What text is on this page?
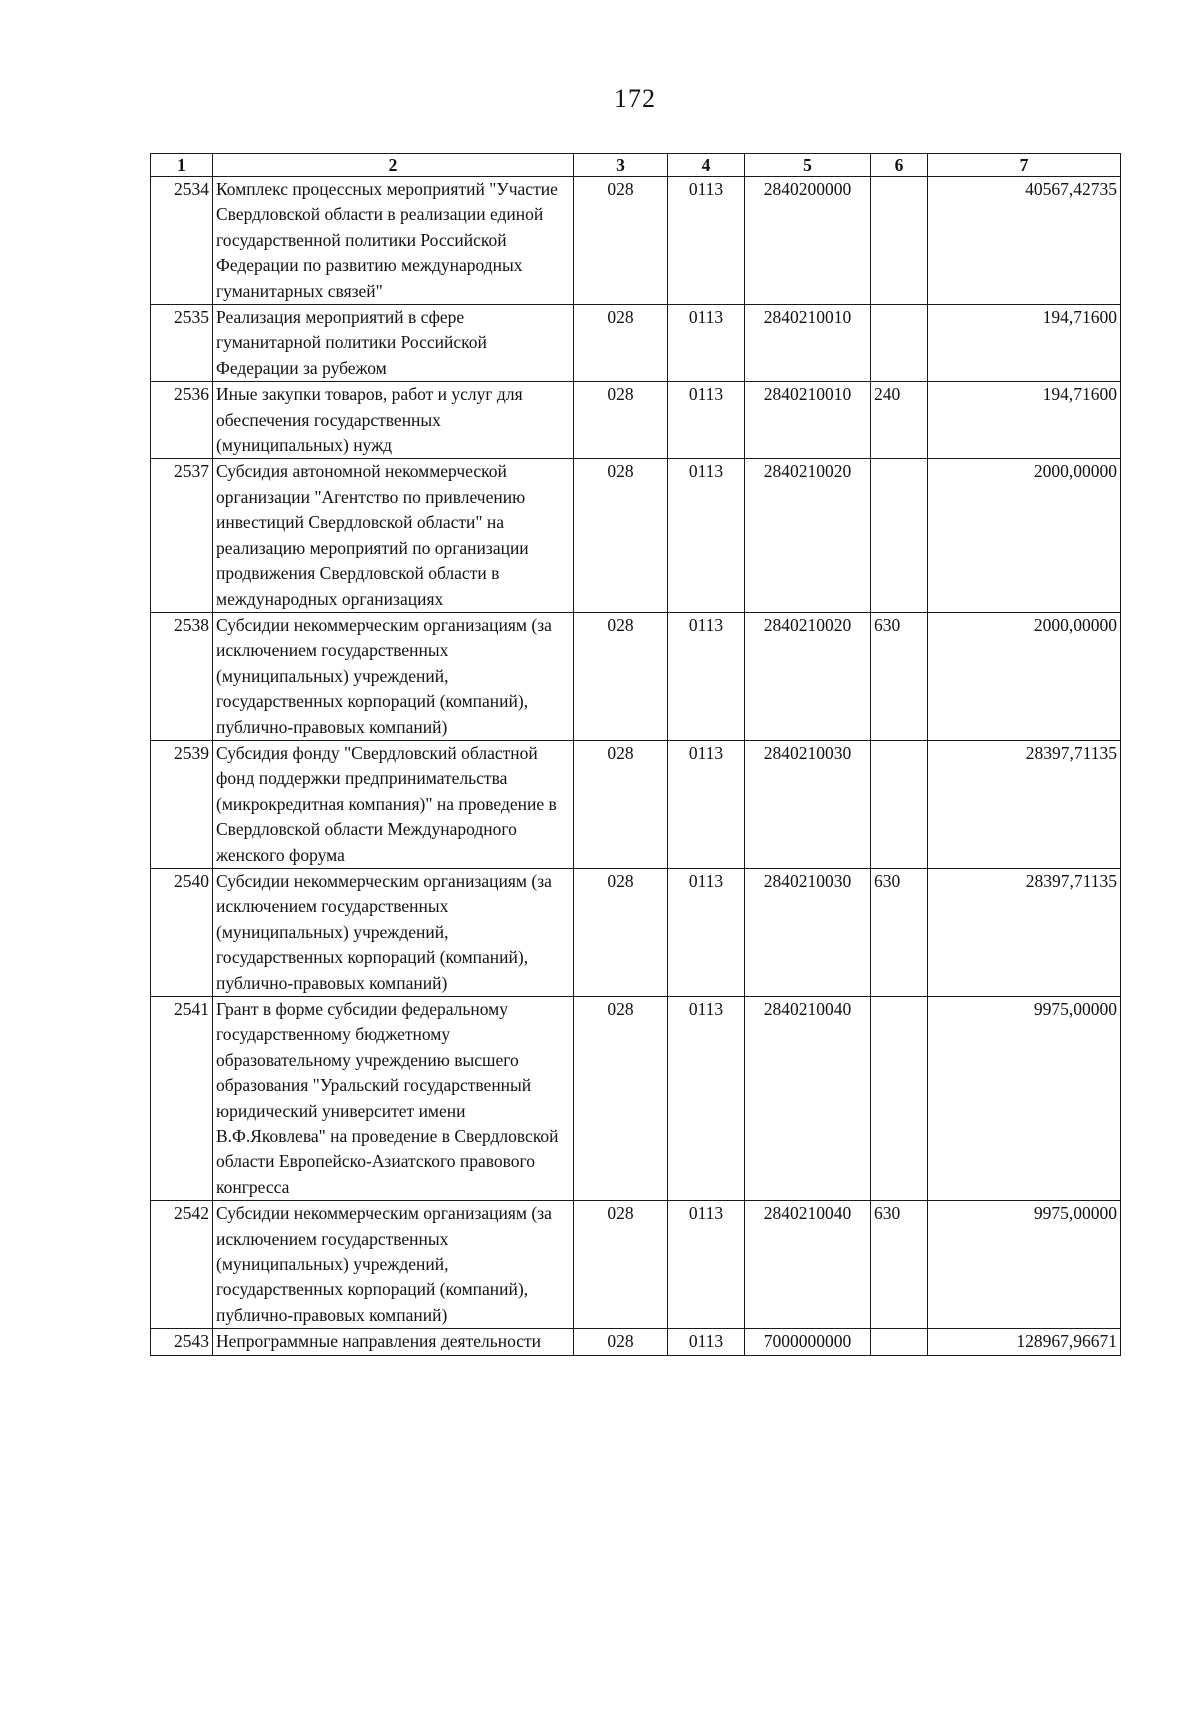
172
1	2	3	4	5	6	7
2534	Комплекс процессных мероприятий "Участие Свердловской области в реализации единой государственной политики Российской Федерации по развитию международных гуманитарных связей"	028	0113	2840200000		40567,42735
2535	Реализация мероприятий в сфере гуманитарной политики Российской Федерации за рубежом	028	0113	2840210010		194,71600
2536	Иные закупки товаров, работ и услуг для обеспечения государственных (муниципальных) нужд	028	0113	2840210010	240	194,71600
2537	Субсидия автономной некоммерческой организации "Агентство по привлечению инвестиций Свердловской области" на реализацию мероприятий по организации продвижения Свердловской области в международных организациях	028	0113	2840210020		2000,00000
2538	Субсидии некоммерческим организациям (за исключением государственных (муниципальных) учреждений, государственных корпораций (компаний), публично-правовых компаний)	028	0113	2840210020	630	2000,00000
2539	Субсидия фонду "Свердловский областной фонд поддержки предпринимательства (микрокредитная компания)" на проведение в Свердловской области Международного женского форума	028	0113	2840210030		28397,71135
2540	Субсидии некоммерческим организациям (за исключением государственных (муниципальных) учреждений, государственных корпораций (компаний), публично-правовых компаний)	028	0113	2840210030	630	28397,71135
2541	Грант в форме субсидии федеральному государственному бюджетному образовательному учреждению высшего образования "Уральский государственный юридический университет имени В.Ф.Яковлева" на проведение в Свердловской области Европейско-Азиатского правового конгресса	028	0113	2840210040		9975,00000
2542	Субсидии некоммерческим организациям (за исключением государственных (муниципальных) учреждений, государственных корпораций (компаний), публично-правовых компаний)	028	0113	2840210040	630	9975,00000
2543	Непрограммные направления деятельности	028	0113	7000000000		128967,96671
